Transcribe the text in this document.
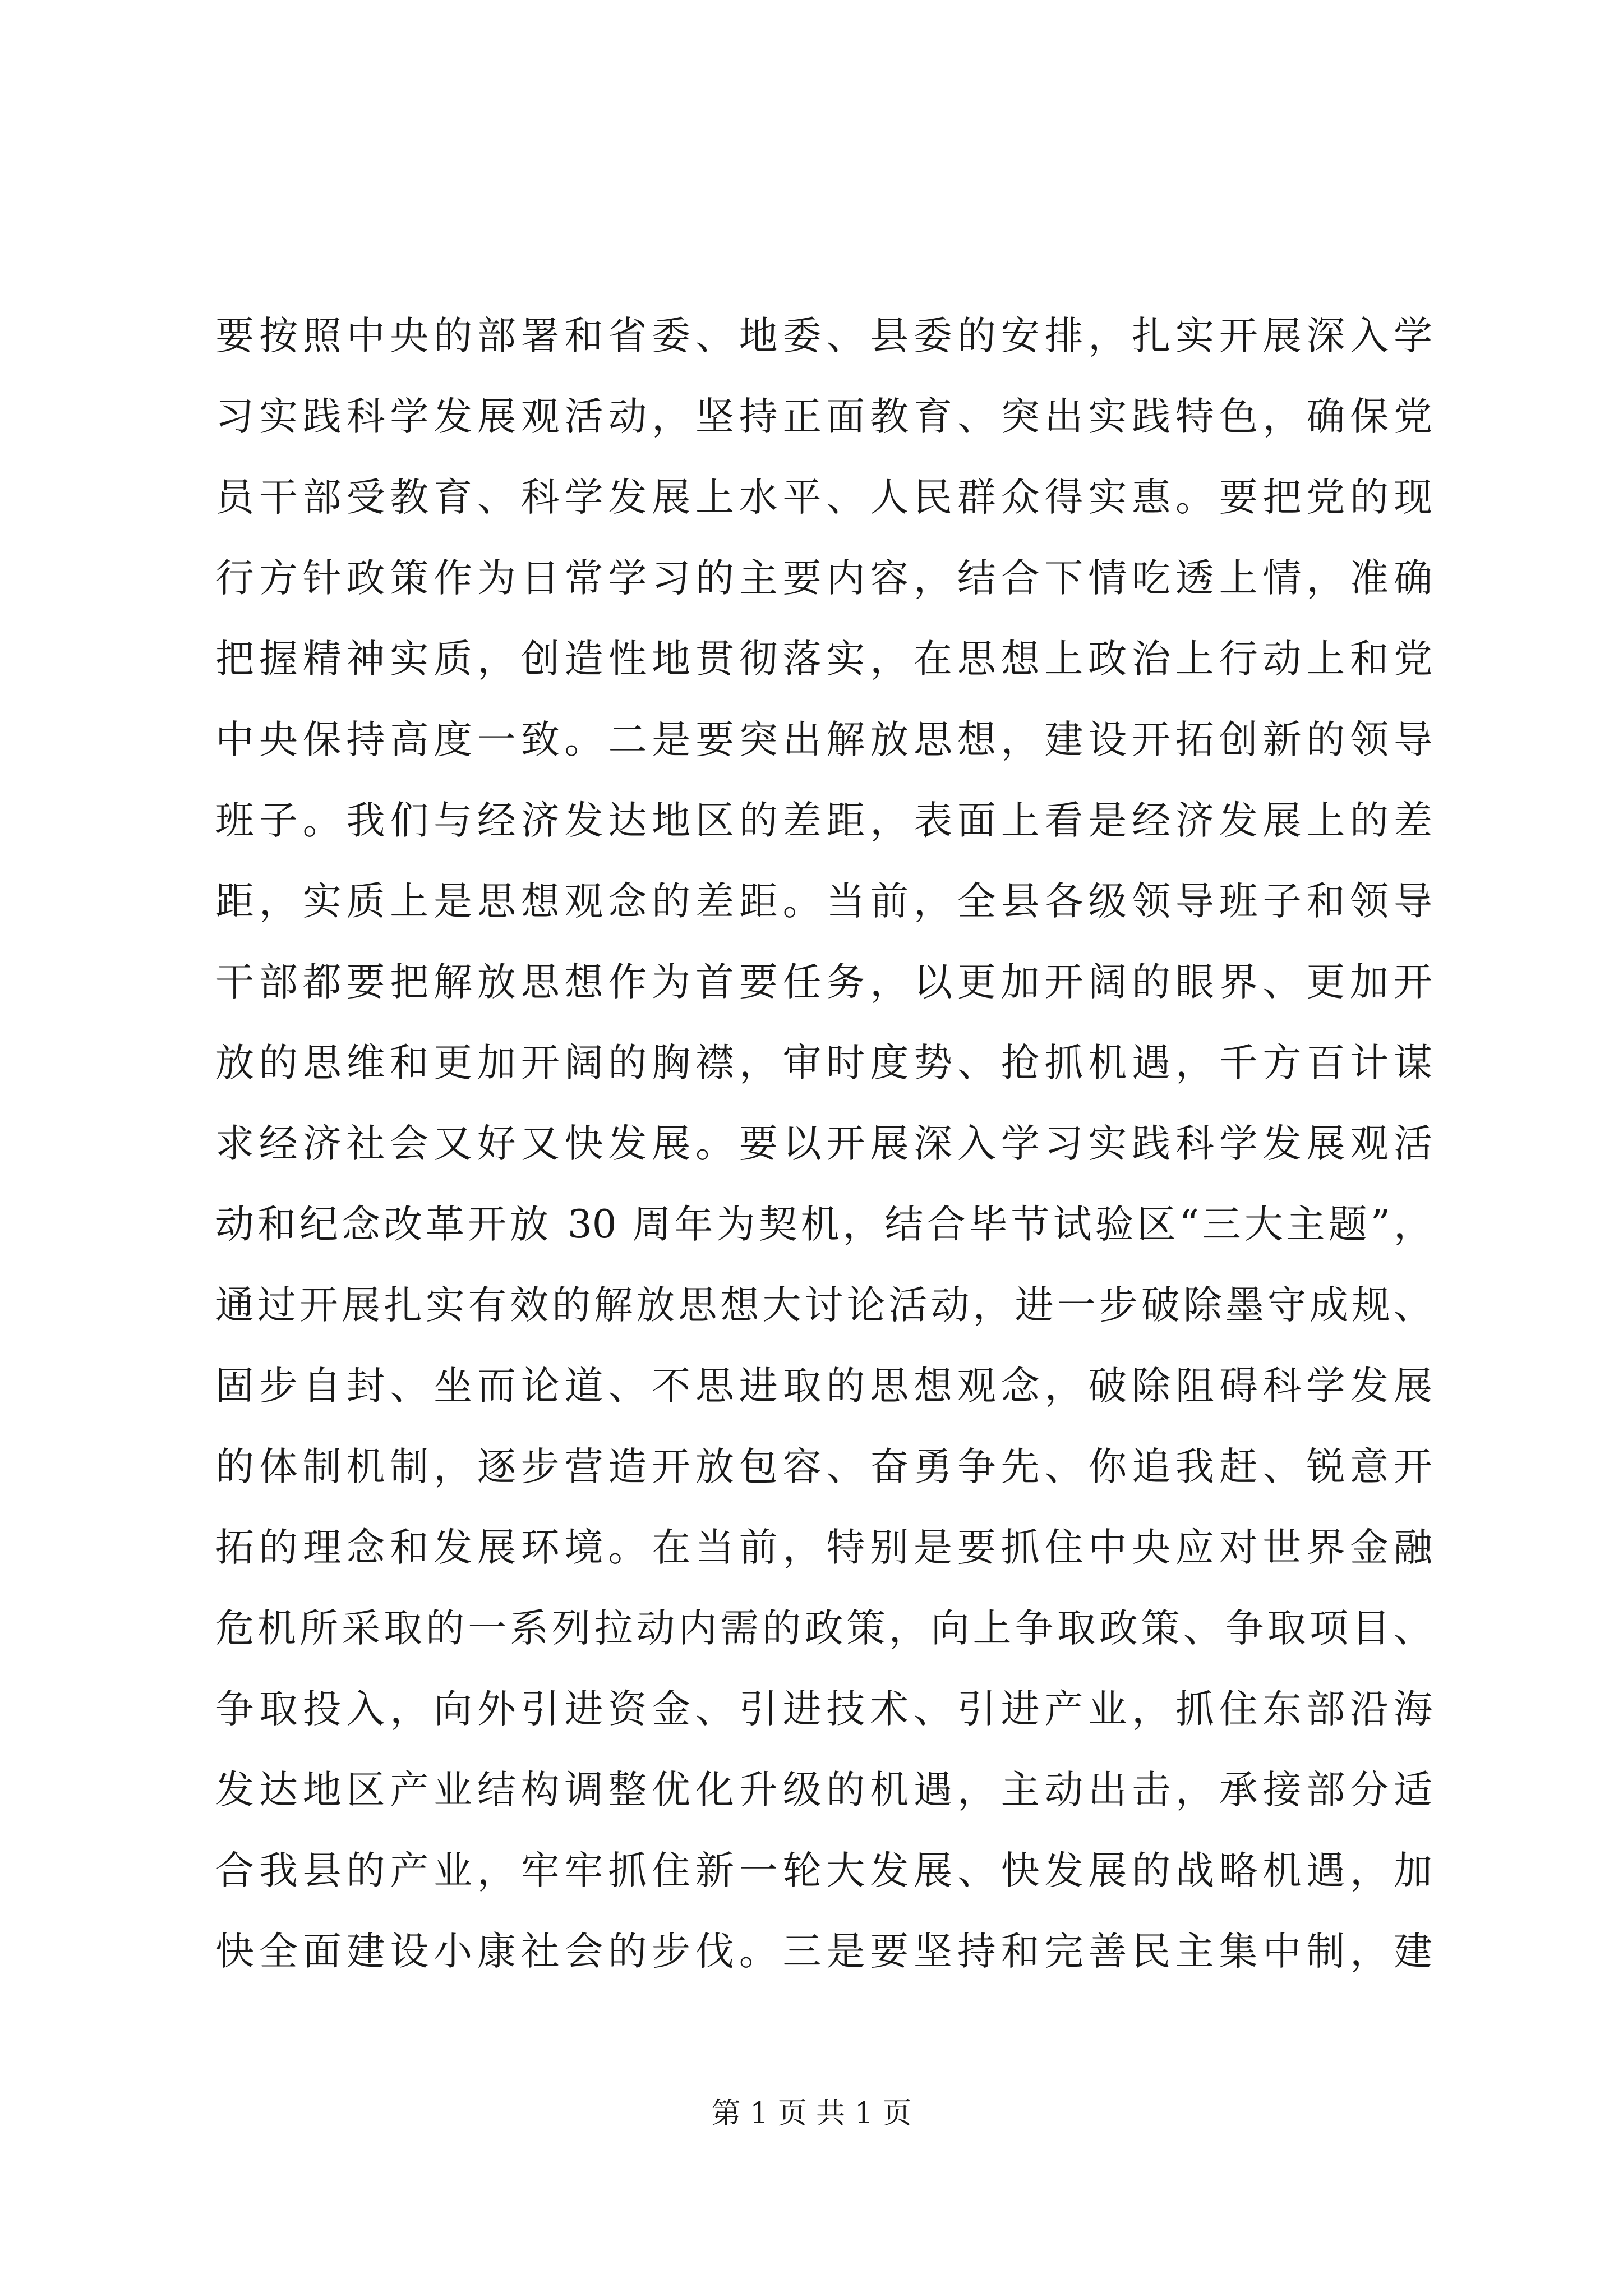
要按照中央的部署和省委、地委、县委的安排，扎实开展深入学
习实践科学发展观活动，坚持正面教育、突出实践特色，确保党
员干部受教育、科学发展上水平、人民群众得实惠。要把党的现
行方针政策作为日常学习的主要内容，结合下情吃透上情，准确
把握精神实质，创造性地贯彻落实，在思想上政治上行动上和党
中央保持高度一致。二是要突出解放思想，建设开拓创新的领导
班子。我们与经济发达地区的差距，表面上看是经济发展上的差
距，实质上是思想观念的差距。当前，全县各级领导班子和领导
干部都要把解放思想作为首要任务，以更加开阔的眼界、更加开
放的思维和更加开阔的胸襟，审时度势、抢抓机遇，千方百计谋
求经济社会又好又快发展。要以开展深入学习实践科学发展观活
动和纪念改革开放 30 周年为契机，结合毕节试验区“三大主题”，
通过开展扎实有效的解放思想大讨论活动，进一步破除墨守成规、
固步自封、坐而论道、不思进取的思想观念，破除阻碍科学发展
的体制机制，逐步营造开放包容、奋勇争先、你追我赶、锐意开
拓的理念和发展环境。在当前，特别是要抓住中央应对世界金融
危机所采取的一系列拉动内需的政策，向上争取政策、争取项目、
争取投入，向外引进资金、引进技术、引进产业，抓住东部沿海
发达地区产业结构调整优化升级的机遇，主动出击，承接部分适
合我县的产业，牢牢抓住新一轮大发展、快发展的战略机遇，加
快全面建设小康社会的步伐。三是要坚持和完善民主集中制，建
第 1 页 共 1 页
